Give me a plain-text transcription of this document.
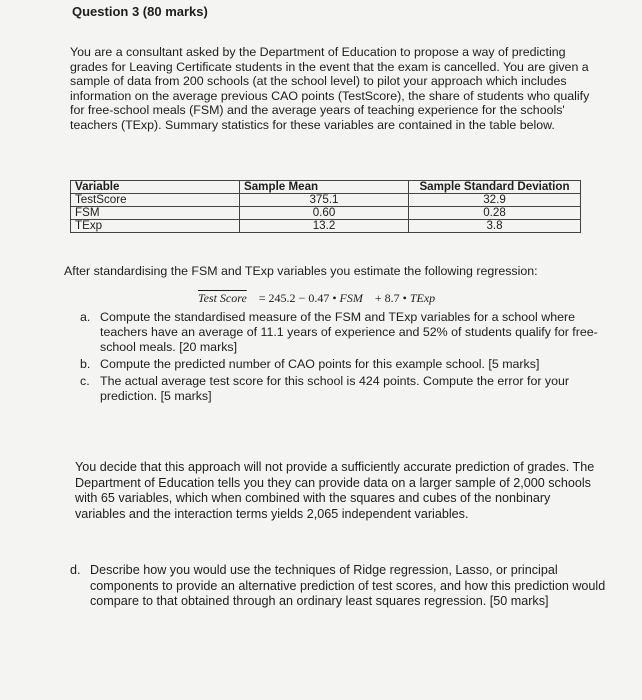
Question 3 (80 marks)
You are a consultant asked by the Department of Education to propose a way of predicting grades for Leaving Certificate students in the event that the exam is cancelled. You are given a sample of data from 200 schools (at the school level) to pilot your approach which includes information on the average previous CAO points (TestScore), the share of students who qualify for free-school meals (FSM) and the average years of teaching experience for the schools' teachers (TExp). Summary statistics for these variables are contained in the table below.
Variable	Sample Mean	Sample Standard Deviation
TestScore	375.1	32.9
FSM	0.60	0.28
TExp	13.2	3.8
After standardising the FSM and TExp variables you estimate the following regression:
Test Score = 245.2 − 0.47 • FSM + 8.7 • TExp
a. Compute the standardised measure of the FSM and TExp variables for a school where teachers have an average of 11.1 years of experience and 52% of students qualify for free-school meals. [20 marks]
b. Compute the predicted number of CAO points for this example school. [5 marks]
c. The actual average test score for this school is 424 points. Compute the error for your prediction. [5 marks]
You decide that this approach will not provide a sufficiently accurate prediction of grades. The Department of Education tells you they can provide data on a larger sample of 2,000 schools with 65 variables, which when combined with the squares and cubes of the nonbinary variables and the interaction terms yields 2,065 independent variables.
d. Describe how you would use the techniques of Ridge regression, Lasso, or principal components to provide an alternative prediction of test scores, and how this prediction would compare to that obtained through an ordinary least squares regression. [50 marks]
